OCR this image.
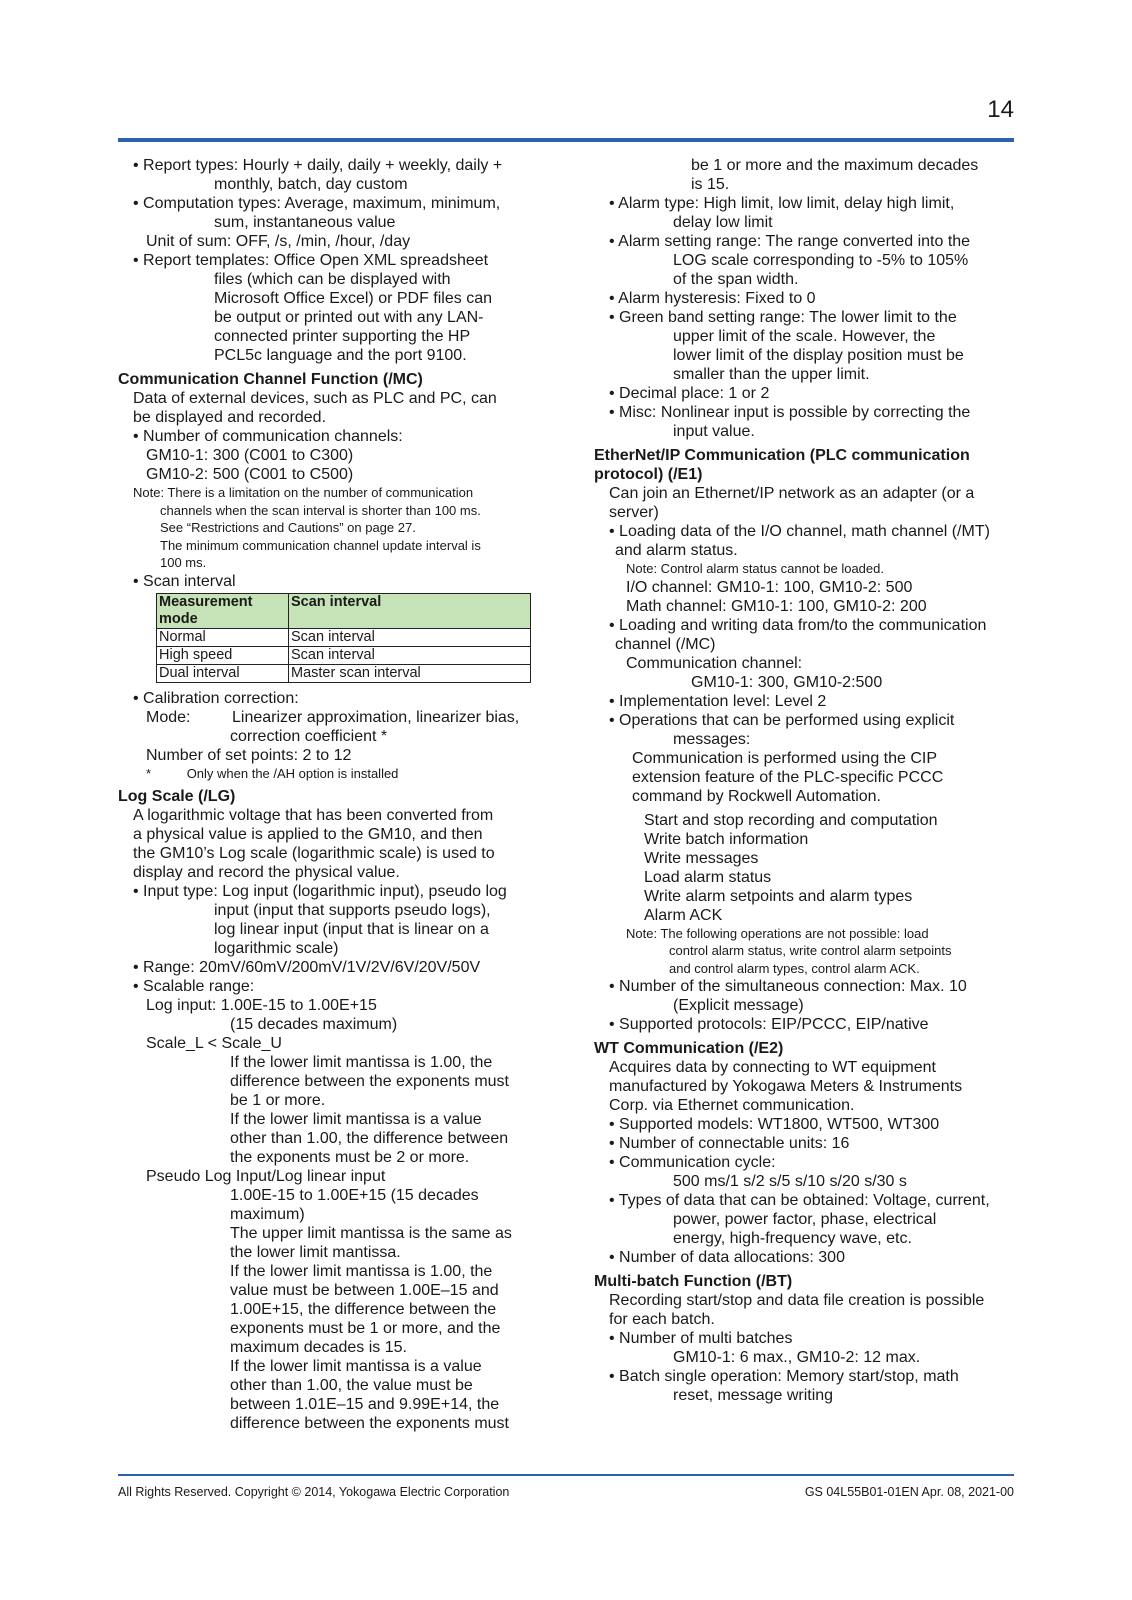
14
• Report types: Hourly + daily, daily + weekly, daily +
monthly, batch, day custom
• Computation types: Average, maximum, minimum,
sum, instantaneous value
Unit of sum: OFF, /s, /min, /hour, /day
• Report templates: Office Open XML spreadsheet
files (which can be displayed with
Microsoft Office Excel) or PDF files can
be output or printed out with any LAN-
connected printer supporting the HP
PCL5c language and the port 9100.
Communication Channel Function (/MC)
Data of external devices, such as PLC and PC, can
be displayed and recorded.
• Number of communication channels:
GM10-1: 300 (C001 to C300)
GM10-2: 500 (C001 to C500)
Note: There is a limitation on the number of communication
channels when the scan interval is shorter than 100 ms.
See “Restrictions and Cautions” on page 27.
The minimum communication channel update interval is
100 ms.
• Scan interval
Measurement mode	Scan interval
Normal	Scan interval
High speed	Scan interval
Dual interval	Master scan interval
• Calibration correction:
Mode:	Linearizer approximation, linearizer bias,
correction coefficient *
Number of set points: 2 to 12
*	Only when the /AH option is installed
Log Scale (/LG)
A logarithmic voltage that has been converted from
a physical value is applied to the GM10, and then
the GM10’s Log scale (logarithmic scale) is used to
display and record the physical value.
• Input type: Log input (logarithmic input), pseudo log
input (input that supports pseudo logs),
log linear input (input that is linear on a
logarithmic scale)
• Range: 20mV/60mV/200mV/1V/2V/6V/20V/50V
• Scalable range:
Log input: 1.00E-15 to 1.00E+15
(15 decades maximum)
Scale_L < Scale_U
If the lower limit mantissa is 1.00, the
difference between the exponents must
be 1 or more.
If the lower limit mantissa is a value
other than 1.00, the difference between
the exponents must be 2 or more.
Pseudo Log Input/Log linear input
1.00E-15 to 1.00E+15 (15 decades
maximum)
The upper limit mantissa is the same as
the lower limit mantissa.
If the lower limit mantissa is 1.00, the
value must be between 1.00E–15 and
1.00E+15, the difference between the
exponents must be 1 or more, and the
maximum decades is 15.
If the lower limit mantissa is a value
other than 1.00, the value must be
between 1.01E–15 and 9.99E+14, the
difference between the exponents must
be 1 or more and the maximum decades
is 15.
• Alarm type: High limit, low limit, delay high limit,
delay low limit
• Alarm setting range: The range converted into the
LOG scale corresponding to -5% to 105%
of the span width.
• Alarm hysteresis: Fixed to 0
• Green band setting range: The lower limit to the
upper limit of the scale. However, the
lower limit of the display position must be
smaller than the upper limit.
• Decimal place: 1 or 2
• Misc: Nonlinear input is possible by correcting the
input value.
EtherNet/IP Communication (PLC communication
protocol) (/E1)
Can join an Ethernet/IP network as an adapter (or a
server)
• Loading data of the I/O channel, math channel (/MT)
and alarm status.
Note: Control alarm status cannot be loaded.
I/O channel: GM10-1: 100, GM10-2: 500
Math channel: GM10-1: 100, GM10-2: 200
• Loading and writing data from/to the communication
channel (/MC)
Communication channel:
GM10-1: 300, GM10-2:500
• Implementation level: Level 2
• Operations that can be performed using explicit
messages:
Communication is performed using the CIP
extension feature of the PLC-specific PCCC
command by Rockwell Automation.
Start and stop recording and computation
Write batch information
Write messages
Load alarm status
Write alarm setpoints and alarm types
Alarm ACK
Note: The following operations are not possible: load
control alarm status, write control alarm setpoints
and control alarm types, control alarm ACK.
• Number of the simultaneous connection: Max. 10
(Explicit message)
• Supported protocols: EIP/PCCC, EIP/native
WT Communication (/E2)
Acquires data by connecting to WT equipment
manufactured by Yokogawa Meters & Instruments
Corp. via Ethernet communication.
• Supported models: WT1800, WT500, WT300
• Number of connectable units: 16
• Communication cycle:
500 ms/1 s/2 s/5 s/10 s/20 s/30 s
• Types of data that can be obtained: Voltage, current,
power, power factor, phase, electrical
energy, high-frequency wave, etc.
• Number of data allocations: 300
Multi-batch Function (/BT)
Recording start/stop and data file creation is possible
for each batch.
• Number of multi batches
GM10-1: 6 max., GM10-2: 12 max.
• Batch single operation: Memory start/stop, math
reset, message writing
All Rights Reserved. Copyright © 2014, Yokogawa Electric Corporation	GS 04L55B01-01EN Apr. 08, 2021-00
